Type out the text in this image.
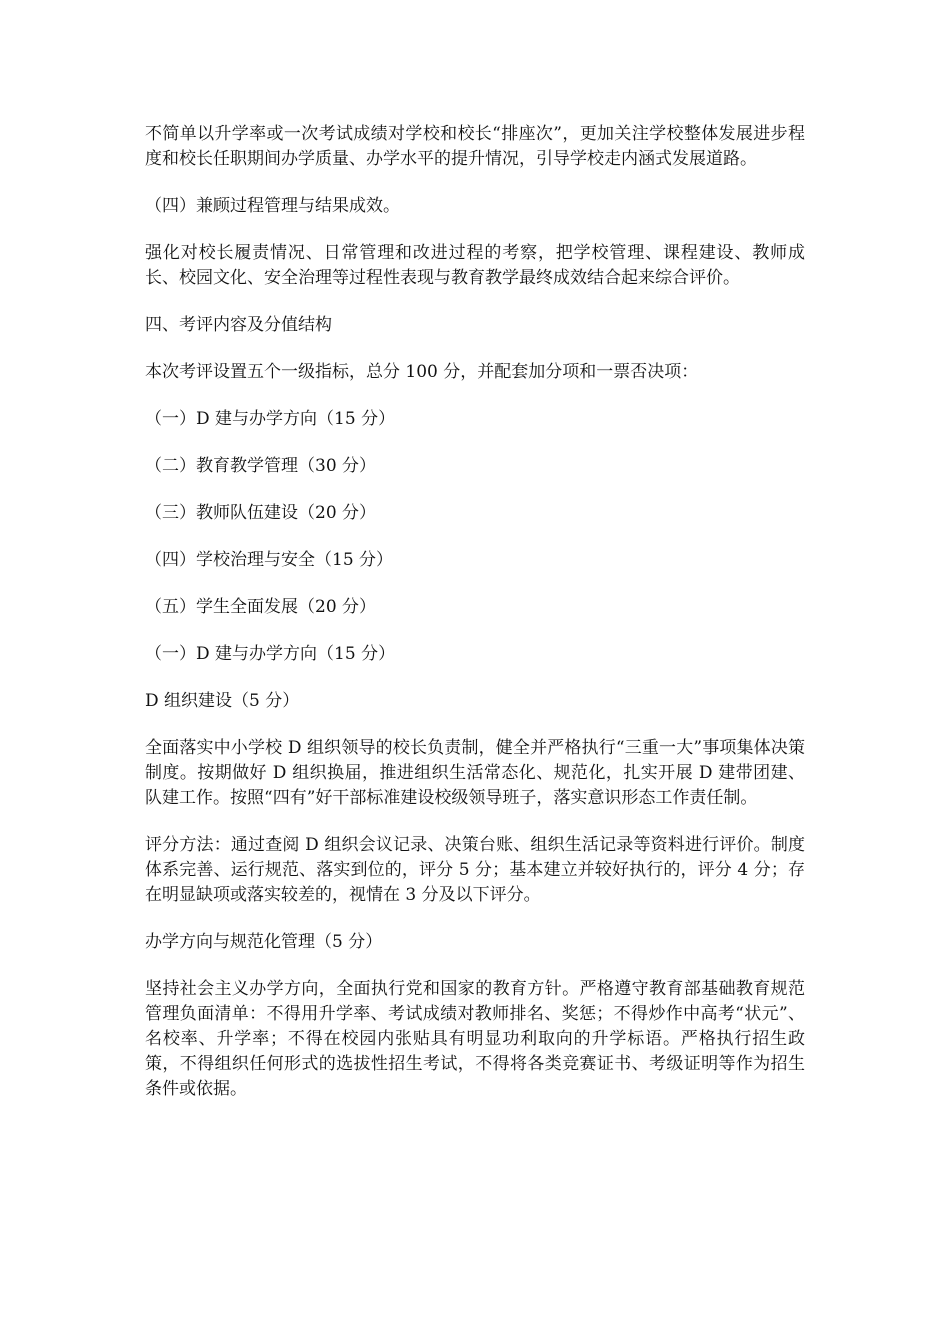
不简单以升学率或一次考试成绩对学校和校长“排座次”，更加关注学校整体发展进步程度和校长任职期间办学质量、办学水平的提升情况，引导学校走内涵式发展道路。

（四）兼顾过程管理与结果成效。

强化对校长履责情况、日常管理和改进过程的考察，把学校管理、课程建设、教师成长、校园文化、安全治理等过程性表现与教育教学最终成效结合起来综合评价。

四、考评内容及分值结构

本次考评设置五个一级指标，总分 100 分，并配套加分项和一票否决项：

（一）D 建与办学方向（15 分）

（二）教育教学管理（30 分）

（三）教师队伍建设（20 分）

（四）学校治理与安全（15 分）

（五）学生全面发展（20 分）

（一）D 建与办学方向（15 分）

D 组织建设（5 分）

全面落实中小学校 D 组织领导的校长负责制，健全并严格执行“三重一大”事项集体决策制度。按期做好 D 组织换届，推进组织生活常态化、规范化，扎实开展 D 建带团建、队建工作。按照“四有”好干部标准建设校级领导班子，落实意识形态工作责任制。

评分方法：通过查阅 D 组织会议记录、决策台账、组织生活记录等资料进行评价。制度体系完善、运行规范、落实到位的，评分 5 分；基本建立并较好执行的，评分 4 分；存在明显缺项或落实较差的，视情在 3 分及以下评分。

办学方向与规范化管理（5 分）

坚持社会主义办学方向，全面执行党和国家的教育方针。严格遵守教育部基础教育规范管理负面清单：不得用升学率、考试成绩对教师排名、奖惩；不得炒作中高考“状元”、名校率、升学率；不得在校园内张贴具有明显功利取向的升学标语。严格执行招生政策，不得组织任何形式的选拔性招生考试，不得将各类竞赛证书、考级证明等作为招生条件或依据。
